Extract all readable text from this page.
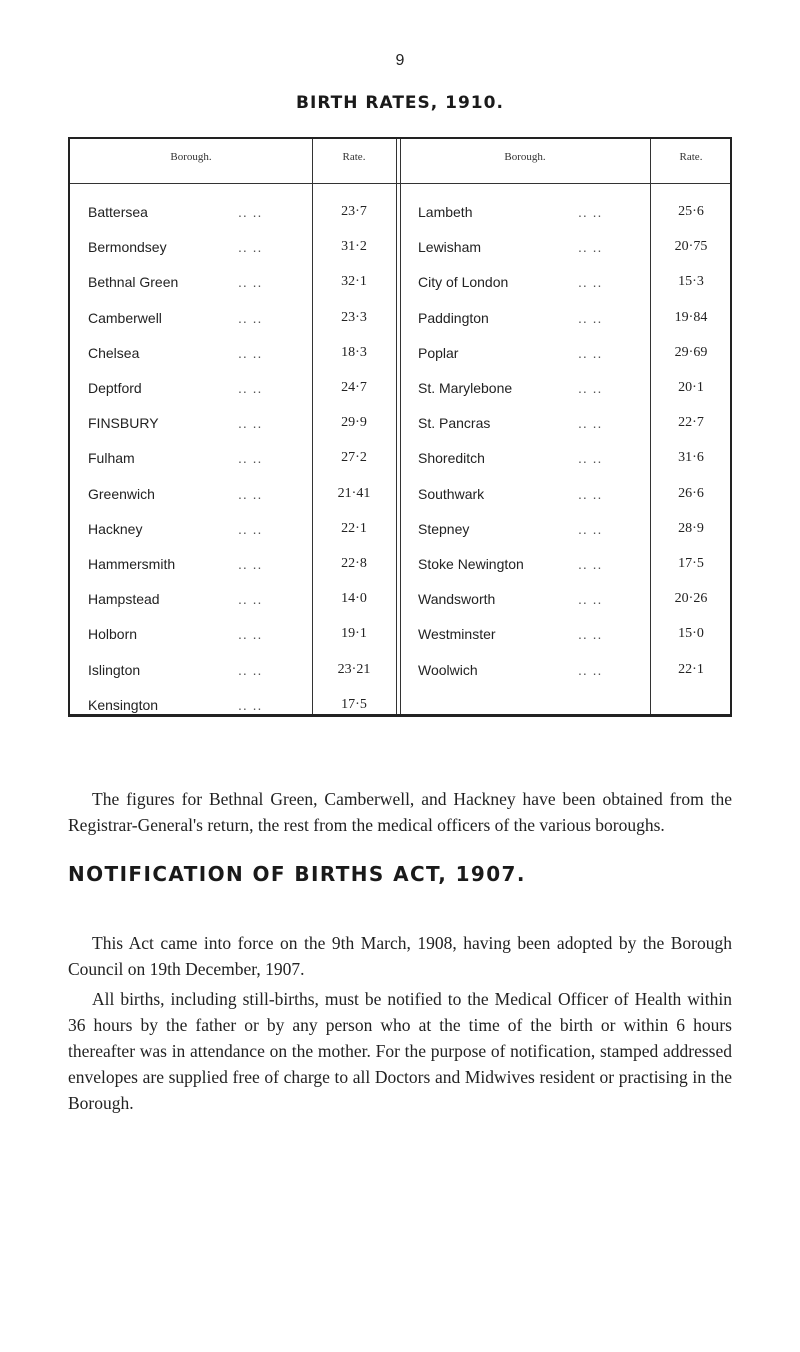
9
BIRTH RATES, 1910.
Borough.	Rate.	Borough.	Rate.
Battersea	.. ..	23·7
Bermondsey	.. ..	31·2
Bethnal Green	.. ..	32·1
Camberwell	.. ..	23·3
Chelsea	.. ..	18·3
Deptford	.. ..	24·7
FINSBURY	.. ..	29·9
Fulham	.. ..	27·2
Greenwich	.. ..	21·41
Hackney	.. ..	22·1
Hammersmith	.. ..	22·8
Hampstead	.. ..	14·0
Holborn	.. ..	19·1
Islington	.. ..	23·21
Kensington	.. ..	17·5
Lambeth	.. ..	25·6
Lewisham	.. ..	20·75
City of London	.. ..	15·3
Paddington	.. ..	19·84
Poplar	.. ..	29·69
St. Marylebone	.. ..	20·1
St. Pancras	.. ..	22·7
Shoreditch	.. ..	31·6
Southwark	.. ..	26·6
Stepney	.. ..	28·9
Stoke Newington	.. ..	17·5
Wandsworth	.. ..	20·26
Westminster	.. ..	15·0
Woolwich	.. ..	22·1

The figures for Bethnal Green, Camberwell, and Hackney have been obtained from the Registrar-General's return, the rest from the medical officers of the various boroughs.

NOTIFICATION OF BIRTHS ACT, 1907.

This Act came into force on the 9th March, 1908, having been adopted by the Borough Council on 19th December, 1907.

All births, including still-births, must be notified to the Medical Officer of Health within 36 hours by the father or by any person who at the time of the birth or within 6 hours thereafter was in attendance on the mother. For the purpose of notification, stamped addressed envelopes are supplied free of charge to all Doctors and Midwives resident or practising in the Borough.
